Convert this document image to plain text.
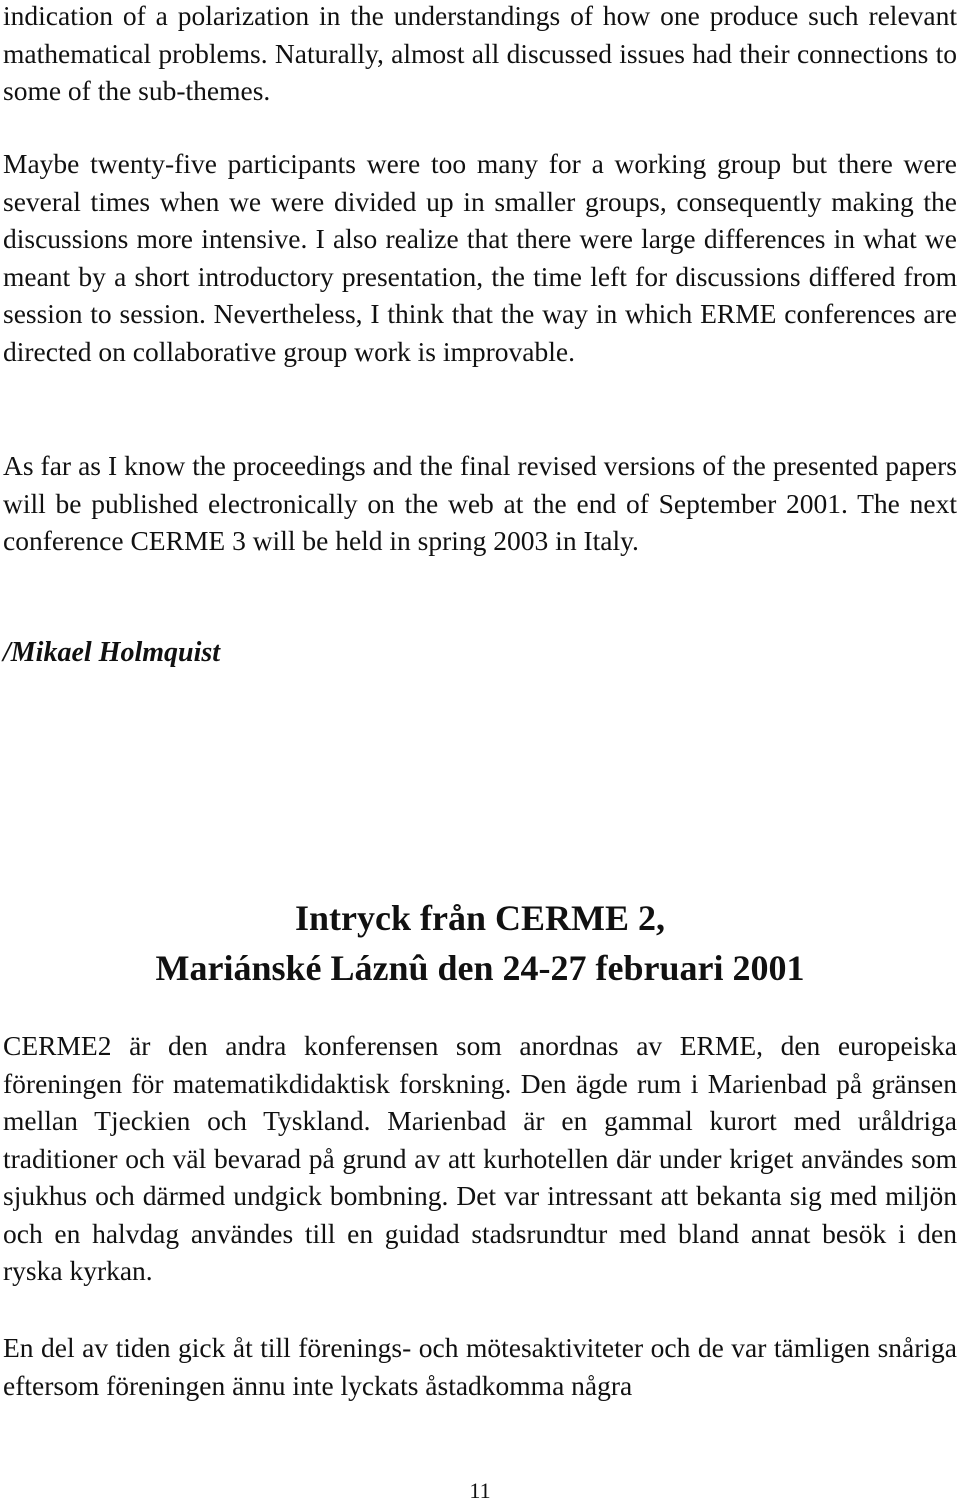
indication of a polarization in the understandings of how one produce such relevant mathematical problems. Naturally, almost all discussed issues had their connections to some of the sub-themes.

Maybe twenty-five participants were too many for a working group but there were several times when we were divided up in smaller groups, consequently making the discussions more intensive. I also realize that there were large differences in what we meant by a short introductory presentation, the time left for discussions differed from session to session. Nevertheless, I think that the way in which ERME conferences are directed on collaborative group work is improvable.

As far as I know the proceedings and the final revised versions of the presented papers will be published electronically on the web at the end of September 2001. The next conference CERME 3 will be held in spring 2003 in Italy.

/Mikael Holmquist

Intryck från CERME 2,
Mariánské Láznû den 24-27 februari 2001

CERME2 är den andra konferensen som anordnas av ERME, den europeiska föreningen för matematikdidaktisk forskning. Den ägde rum i Marienbad på gränsen mellan Tjeckien och Tyskland. Marienbad är en gammal kurort med uråldriga traditioner och väl bevarad på grund av att kurhotellen där under kriget användes som sjukhus och därmed undgick bombning. Det var intressant att bekanta sig med miljön och en halvdag användes till en guidad stadsrundtur med bland annat besök i den ryska kyrkan.

En del av tiden gick åt till förenings- och mötesaktiviteter och de var tämligen snåriga eftersom föreningen ännu inte lyckats åstadkomma några

11
